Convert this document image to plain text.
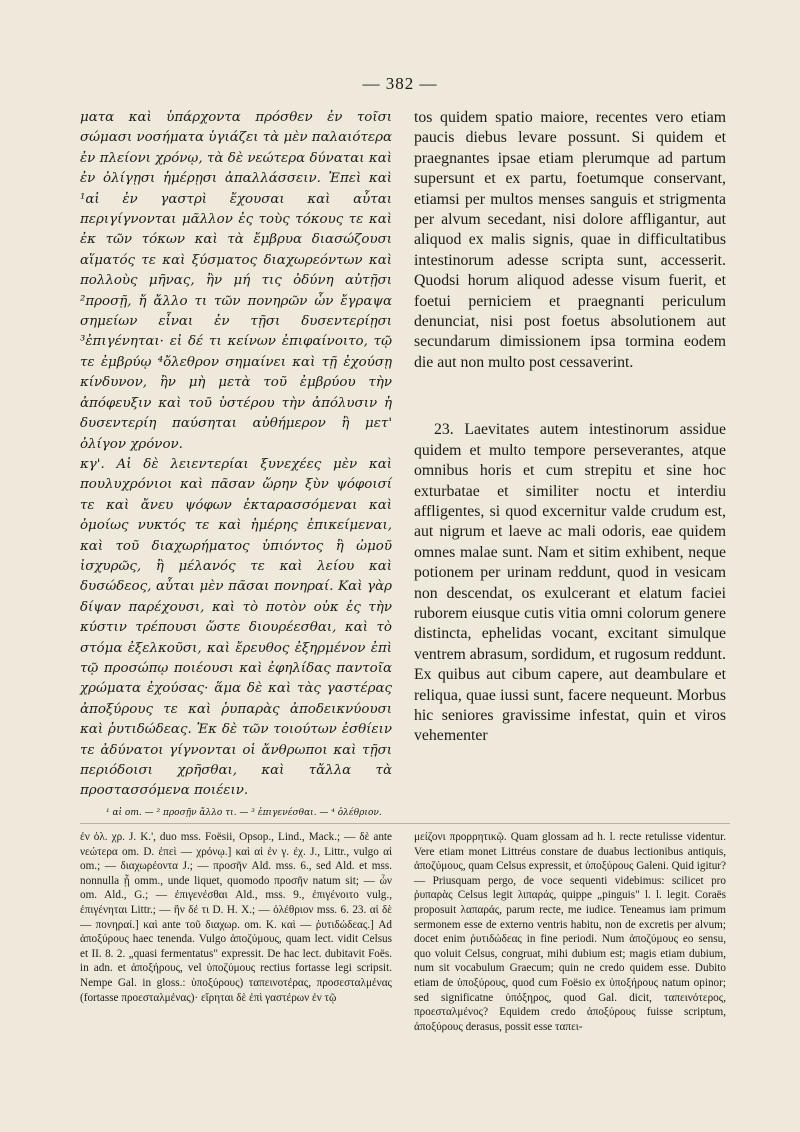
— 382 —

ματα καὶ ὑπάρχοντα πρόσθεν ἐν τοῖσι σώμασι νοσήματα ὑγιάζει τὰ μὲν παλαιότερα ἐν πλείονι χρόνῳ, τὰ δὲ νεώτερα δύναται καὶ ἐν ὀλίγῃσι ἡμέρῃσι ἀπαλλάσσειν. Ἐπεὶ καὶ ¹αἱ ἐν γαστρὶ ἔχουσαι καὶ αὗται περιγίγνονται μᾶλλον ἐς τοὺς τόκους τε καὶ ἐκ τῶν τόκων καὶ τὰ ἔμβρυα διασώζουσι αἵματός τε καὶ ξύσματος διαχωρεόντων καὶ πολλοὺς μῆνας, ἢν μή τις ὀδύνη αὐτῇσι ²προσῇ, ἤ ἄλλο τι τῶν πονηρῶν ὧν ἔγραψα σημείων εἶναι ἐν τῇσι δυσεντερίῃσι ³ἐπιγένηται· εἰ δέ τι κείνων ἐπιφαίνοιτο, τῷ τε ἐμβρύῳ ⁴ὄλεθρον σημαίνει καὶ τῇ ἐχούσῃ κίνδυνον, ἢν μὴ μετὰ τοῦ ἐμβρύου τὴν ἀπόφευξιν καὶ τοῦ ὑστέρου τὴν ἀπόλυσιν ἡ δυσεντερίη παύσηται αὐθήμερον ἢ μετ' ὀλίγον χρόνον.

κγ'. Αἱ δὲ λειεντερίαι ξυνεχέες μὲν καὶ πουλυχρόνιοι καὶ πᾶσαν ὥρην ξὺν ψόφοισί τε καὶ ἄνευ ψόφων ἐκταρασσόμεναι καὶ ὁμοίως νυκτός τε καὶ ἡμέρης ἐπικείμεναι, καὶ τοῦ διαχωρήματος ὑπιόντος ἢ ὠμοῦ ἰσχυρῶς, ἢ μέλανός τε καὶ λείου καὶ δυσώδεος, αὗται μὲν πᾶσαι πονηραί. Καὶ γὰρ δίψαν παρέχουσι, καὶ τὸ ποτὸν οὐκ ἐς τὴν κύστιν τρέπουσι ὥστε διουρέεσθαι, καὶ τὸ στόμα ἐξελκοῦσι, καὶ ἔρευθος ἐξηρμένον ἐπὶ τῷ προσώπῳ ποιέουσι καὶ ἐφηλίδας παντοῖα χρώματα ἐχούσας· ἅμα δὲ καὶ τὰς γαστέρας ἀποξύρους τε καὶ ῥυπαρὰς ἀποδεικνύουσι καὶ ῥυτιδώδεας. Ἐκ δὲ τῶν τοιούτων ἐσθίειν τε ἀδύνατοι γίγνονται οἱ ἄνθρωποι καὶ τῇσι περιόδοισι χρῆσθαι, καὶ τἄλλα τὰ προστασσόμενα ποιέειν.

tos quidem spatio maiore, recentes vero etiam paucis diebus levare possunt. Si quidem et praegnantes ipsae etiam plerumque ad partum supersunt et ex partu, foetumque conservant, etiamsi per multos menses sanguis et strigmenta per alvum secedant, nisi dolore affligantur, aut aliquod ex malis signis, quae in difficultatibus intestinorum adesse scripta sunt, accesserit. Quodsi horum aliquod adesse visum fuerit, et foetui perniciem et praegnanti periculum denunciat, nisi post foetus absolutionem aut secundarum dimissionem ipsa tormina eodem die aut non multo post cessaverint.

23. Laevitates autem intestinorum assidue quidem et multo tempore perseverantes, atque omnibus horis et cum strepitu et sine hoc exturbatae et similiter noctu et interdiu affligentes, si quod excernitur valde crudum est, aut nigrum et laeve ac mali odoris, eae quidem omnes malae sunt. Nam et sitim exhibent, neque potionem per urinam reddunt, quod in vesicam non descendat, os exulcerant et elatum faciei ruborem eiusque cutis vitia omni colorum genere distincta, ephelidas vocant, excitant simulque ventrem abrasum, sordidum, et rugosum reddunt. Ex quibus aut cibum capere, aut deambulare et reliqua, quae iussi sunt, facere nequeunt. Morbus hic seniores gravissime infestat, quin et viros vehementer

¹ αἱ om. — ² προσῇν ἄλλο τι. — ³ ἐπιγενέσθαι. — ⁴ ὀλέθριον.

ἐν ὀλ. χρ. J. K.', duo mss. Foësii, Opsop., Lind., Mack.; — δὲ ante νεώτερα om. D. ἐπεὶ — χρόνῳ.] καὶ αἱ ἐν γ. ἐχ. J., Littr., vulgo αἱ om.; — διαχωρέοντα J.; — προσῆν Ald. mss. 6., sed Ald. et mss. nonnulla ᾗ omm., unde liquet, quomodo προσῆν natum sit; — ὧν om. Ald., G.; — ἐπιγενέσθαι Ald., mss. 9., ἐπιγένοιτο vulg., ἐπιγένηται Littr.; — ἢν δέ τι D. H. X.; — ὀλέθριον mss. 6. 23. αἱ δὲ — πονηραί.] καὶ ante τοῦ διαχωρ. om. K. καὶ — ῥυτιδώδεας.] Ad ἀποξύρους haec tenenda. Vulgo ἀποζύμους, quam lect. vidit Celsus et II. 8. 2. „quasi fermentatus" expressit. De hac lect. dubitavit Foës. in adn. et ἀποξήρους, vel ὑποζύμους rectius fortasse legi scripsit. Nempe Gal. in gloss.: ὑποξύρους) ταπεινοτέρας, προσεσταλμένας (fortasse προεσταλμένας)· εἴρηται δὲ ἐπὶ γαστέρων ἐν τῷ

μείζονι προρρητικῷ. Quam glossam ad h. l. recte retulisse videntur. Vere etiam monet Littréus constare de duabus lectionibus antiquis, ἀποζύμους, quam Celsus expressit, et ὑποξύρους Galeni. Quid igitur? — Priusquam pergo, de voce sequenti videbimus: scilicet pro ῥυπαρὰς Celsus legit λιπαράς, quippe „pinguis" l. l. legit. Coraës proposuit λαπαράς, parum recte, me iudice. Teneamus iam primum sermonem esse de externo ventris habitu, non de excretis per alvum; docet enim ῥυτιδώδεας in fine periodi. Num ἀποζύμους eo sensu, quo voluit Celsus, congruat, mihi dubium est; magis etiam dubium, num sit vocabulum Graecum; quin ne credo quidem esse. Dubito etiam de ὑποξύρους, quod cum Foësio ex ὑποξήρους natum opinor; sed significatne ὑπόξηρος, quod Gal. dicit, ταπεινότερος, προεσταλμένος? Equidem credo ἀποξύρους fuisse scriptum, ἀποξύρους derasus, possit esse ταπει-
